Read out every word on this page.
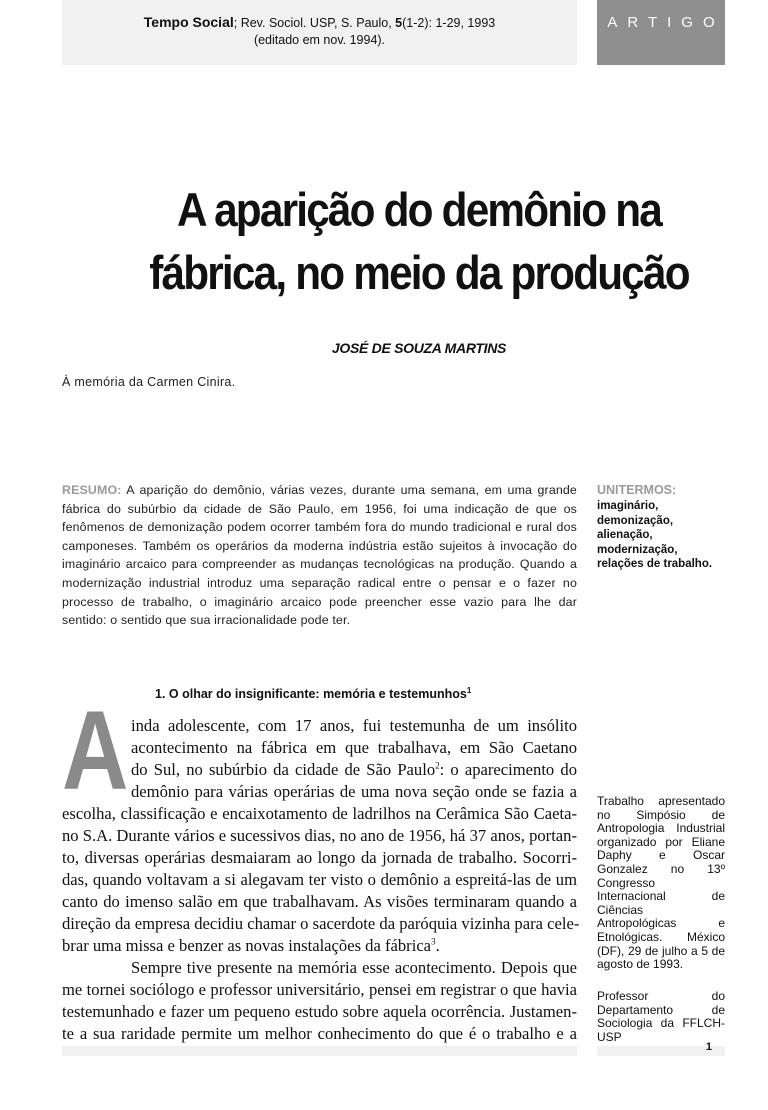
Tempo Social; Rev. Sociol. USP, S. Paulo, 5(1-2): 1-29, 1993
(editado em nov. 1994).
ARTIGO
A aparição do demônio na
fábrica, no meio da produção
JOSÉ DE SOUZA MARTINS
À memória da Carmen Cinira.
RESUMO: A aparição do demônio, várias vezes, durante uma semana, em uma grande fábrica do subúrbio da cidade de São Paulo, em 1956, foi uma indicação de que os fenômenos de demonização podem ocorrer também fora do mundo tradicional e rural dos camponeses. Também os operários da moderna indústria estão sujeitos à invocação do imaginário arcaico para compreender as mudanças tecnológicas na produção. Quando a modernização industrial introduz uma separação radical entre o pensar e o fazer no processo de trabalho, o imaginário arcaico pode preencher esse vazio para lhe dar sentido: o sentido que sua irracionalidade pode ter.
UNITERMOS:
imaginário,
demonização,
alienação,
modernização,
relações de trabalho.
1. O olhar do insignificante: memória e testemunhos$^1$
A inda adolescente, com 17 anos, fui testemunha de um insólito
acontecimento na fábrica em que trabalhava, em São Caetano
do Sul, no subúrbio da cidade de São Paulo$^2$: o aparecimento do
demônio para várias operárias de uma nova seção onde se fazia a
escolha, classificação e encaixotamento de ladrilhos na Cerâmica São Caeta-
no S.A. Durante vários e sucessivos dias, no ano de 1956, há 37 anos, portan-
to, diversas operárias desmaiaram ao longo da jornada de trabalho. Socorri-
das, quando voltavam a si alegavam ter visto o demônio a espreitá-las de um
canto do imenso salão em que trabalhavam. As visões terminaram quando a
direção da empresa decidiu chamar o sacerdote da paróquia vizinha para cele-
brar uma missa e benzer as novas instalações da fábrica$^3$.
Sempre tive presente na memória esse acontecimento. Depois que
me tornei sociólogo e professor universitário, pensei em registrar o que havia
testemunhado e fazer um pequeno estudo sobre aquela ocorrência. Justamen-
te a sua raridade permite um melhor conhecimento do que é o trabalho e a
Trabalho apresentado no Simpósio de Antropologia Industrial organizado por Eliane Daphy e Oscar Gonzalez no 13º Congresso Internacional de Ciências Antropológicas e Etnológicas. México (DF), 29 de julho a 5 de agosto de 1993.
Professor do Departamento de Sociologia da FFLCH-USP
1
